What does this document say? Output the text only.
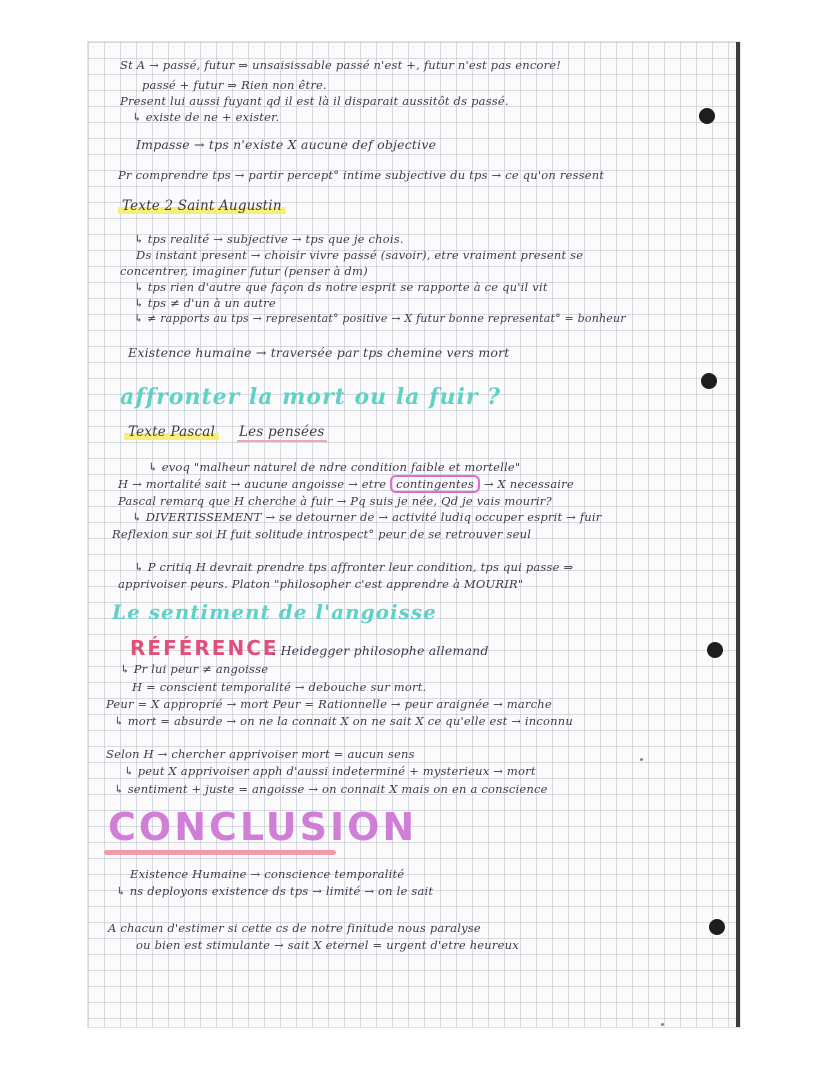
St A → passé, futur ⇒ unsaisissable passé n'est +, futur n'est pas encore!
passé + futur ⇒ Rien non être.
Present lui aussi fuyant qd il est là il disparait aussitôt ds passé.
↳ existe de ne + exister.
Impasse → tps n'existe X aucune def objective
Pr comprendre tps → partir percept° intime subjective du tps → ce qu'on ressent
Texte 2 Saint Augustin
↳ tps realité → subjective → tps que je chois.
Ds instant present → choisir vivre passé (savoir), etre vraiment present se
concentrer, imaginer futur (penser à dm)
↳ tps rien d'autre que façon ds notre esprit se rapporte à ce qu'il vit
↳ tps ≠ d'un à un autre
↳ ≠ rapports au tps → representat° positive → X futur bonne representat° = bonheur
Existence humaine → traversée par tps chemine vers mort
affronter la mort ou la fuir ?
Texte Pascal Les pensées
↳ evoq "malheur naturel de ndre condition faible et mortelle"
H → mortalité sait → aucune angoisse → etre contingentes → X necessaire
Pascal remarq que H cherche à fuir → Pq suis je née, Qd je vais mourir?
↳ DIVERTISSEMENT → se detourner de → activité ludiq occuper esprit → fuir
Reflexion sur soi H fuit solitude introspect° peur de se retrouver seul
↳ P critiq H devrait prendre tps affronter leur condition, tps qui passe ⇒
apprivoiser peurs. Platon "philosopher c'est apprendre à MOURIR"
Le sentiment de l'angoisse
RÉFÉRENCE
: Heidegger philosophe allemand
↳ Pr lui peur ≠ angoisse
H = conscient temporalité → debouche sur mort.
Peur = X approprié → mort Peur = Rationnelle → peur araignée → marche
↳ mort = absurde → on ne la connait X on ne sait X ce qu'elle est → inconnu
Selon H → chercher apprivoiser mort = aucun sens
↳ peut X apprivoiser apph d'aussi indeterminé + mysterieux → mort
↳ sentiment + juste = angoisse → on connait X mais on en a conscience
CONCLUSION
Existence Humaine → conscience temporalité
↳ ns deployons existence ds tps → limité → on le sait
A chacun d'estimer si cette cs de notre finitude nous paralyse
ou bien est stimulante → sait X eternel = urgent d'etre heureux
